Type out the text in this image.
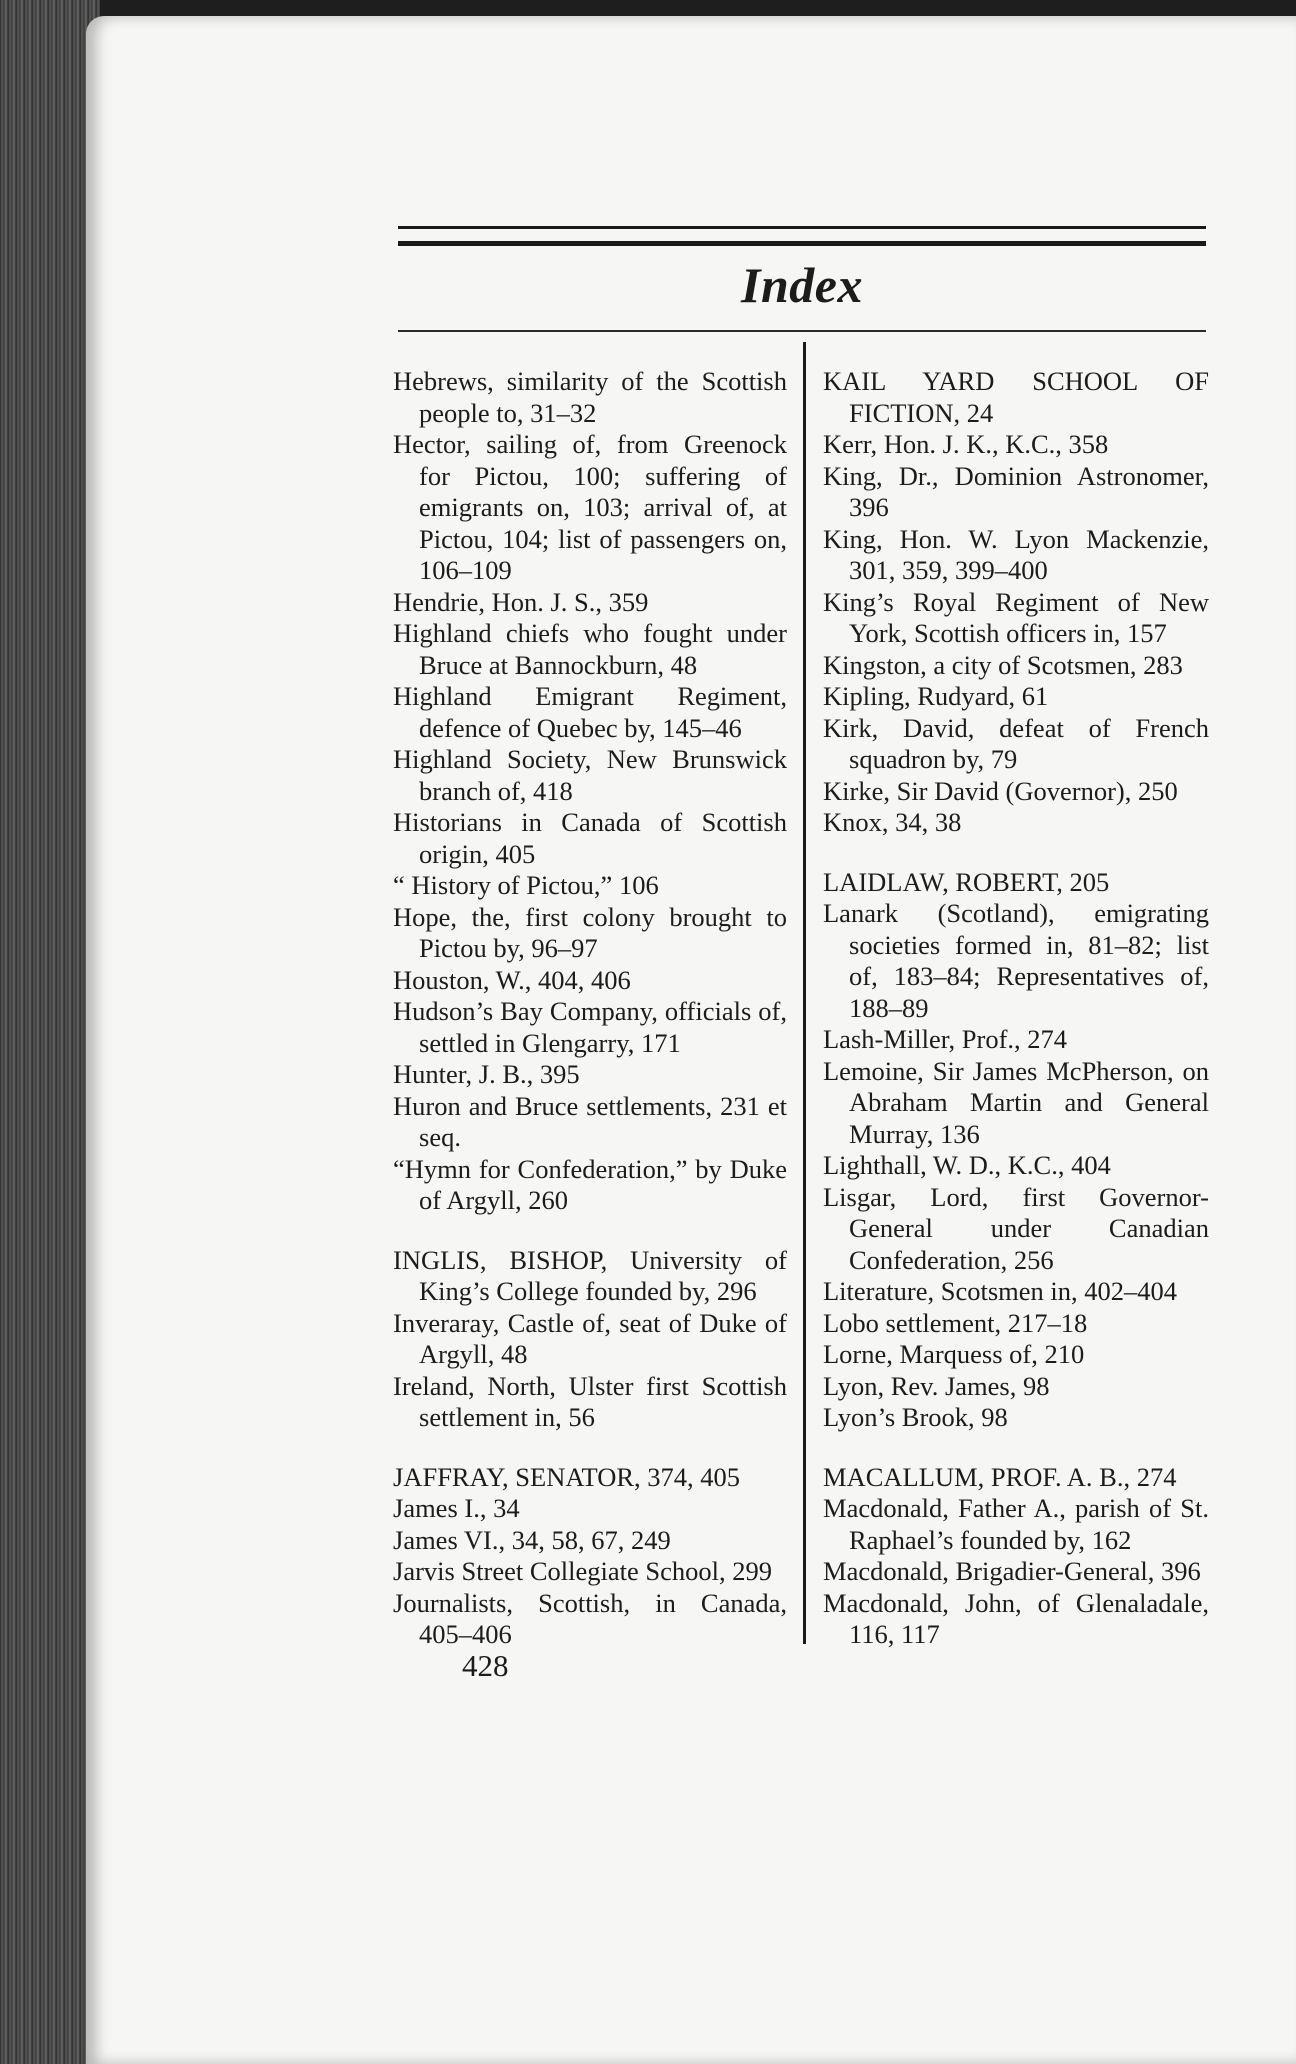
Index
Hebrews, similarity of the Scottish people to, 31–32
Hector, sailing of, from Greenock for Pictou, 100; suffering of emigrants on, 103; arrival of, at Pictou, 104; list of passengers on, 106–109
Hendrie, Hon. J. S., 359
Highland chiefs who fought under Bruce at Bannockburn, 48
Highland Emigrant Regiment, defence of Quebec by, 145–46
Highland Society, New Brunswick branch of, 418
Historians in Canada of Scottish origin, 405
“ History of Pictou,” 106
Hope, the, first colony brought to Pictou by, 96–97
Houston, W., 404, 406
Hudson’s Bay Company, officials of, settled in Glengarry, 171
Hunter, J. B., 395
Huron and Bruce settlements, 231 et seq.
“Hymn for Confederation,” by Duke of Argyll, 260
INGLIS, BISHOP, University of King’s College founded by, 296
Inveraray, Castle of, seat of Duke of Argyll, 48
Ireland, North, Ulster first Scottish settlement in, 56
JAFFRAY, SENATOR, 374, 405
James I., 34
James VI., 34, 58, 67, 249
Jarvis Street Collegiate School, 299
Journalists, Scottish, in Canada, 405–406
KAIL YARD SCHOOL OF FICTION, 24
Kerr, Hon. J. K., K.C., 358
King, Dr., Dominion Astronomer, 396
King, Hon. W. Lyon Mackenzie, 301, 359, 399–400
King’s Royal Regiment of New York, Scottish officers in, 157
Kingston, a city of Scotsmen, 283
Kipling, Rudyard, 61
Kirk, David, defeat of French squadron by, 79
Kirke, Sir David (Governor), 250
Knox, 34, 38
LAIDLAW, ROBERT, 205
Lanark (Scotland), emigrating societies formed in, 81–82; list of, 183–84; Representatives of, 188–89
Lash-Miller, Prof., 274
Lemoine, Sir James McPherson, on Abraham Martin and General Murray, 136
Lighthall, W. D., K.C., 404
Lisgar, Lord, first Governor-General under Canadian Confederation, 256
Literature, Scotsmen in, 402–404
Lobo settlement, 217–18
Lorne, Marquess of, 210
Lyon, Rev. James, 98
Lyon’s Brook, 98
MACALLUM, PROF. A. B., 274
Macdonald, Father A., parish of St. Raphael’s founded by, 162
Macdonald, Brigadier-General, 396
Macdonald, John, of Glenaladale, 116, 117
428
